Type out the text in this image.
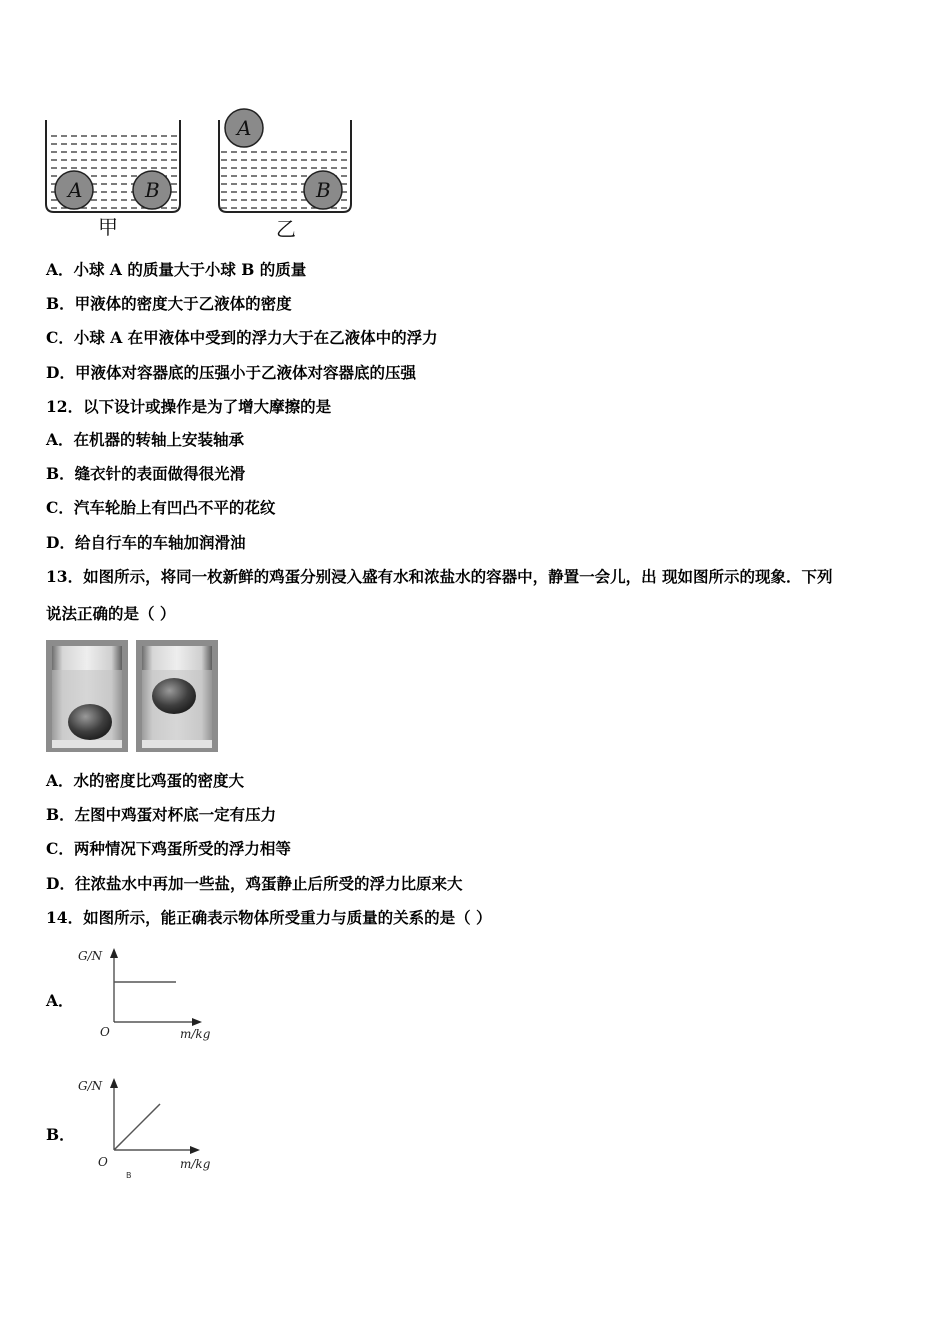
A	B
甲
A
B
乙
A．小球 A 的质量大于小球 B 的质量
B．甲液体的密度大于乙液体的密度
C．小球 A 在甲液体中受到的浮力大于在乙液体中的浮力
D．甲液体对容器底的压强小于乙液体对容器底的压强
12．以下设计或操作是为了增大摩擦的是
A．在机器的转轴上安装轴承
B．缝衣针的表面做得很光滑
C．汽车轮胎上有凹凸不平的花纹
D．给自行车的车轴加润滑油
13．如图所示，将同一枚新鲜的鸡蛋分别浸入盛有水和浓盐水的容器中，静置一会儿，出 现如图所示的现象．下列
说法正确的是（ ）
A．水的密度比鸡蛋的密度大
B．左图中鸡蛋对杯底一定有压力
C．两种情况下鸡蛋所受的浮力相等
D．往浓盐水中再加一些盐，鸡蛋静止后所受的浮力比原来大
14．如图所示，能正确表示物体所受重力与质量的关系的是（ ）
A．
G/N
O	m/kg
B．
G/N
O	m/kg
B
